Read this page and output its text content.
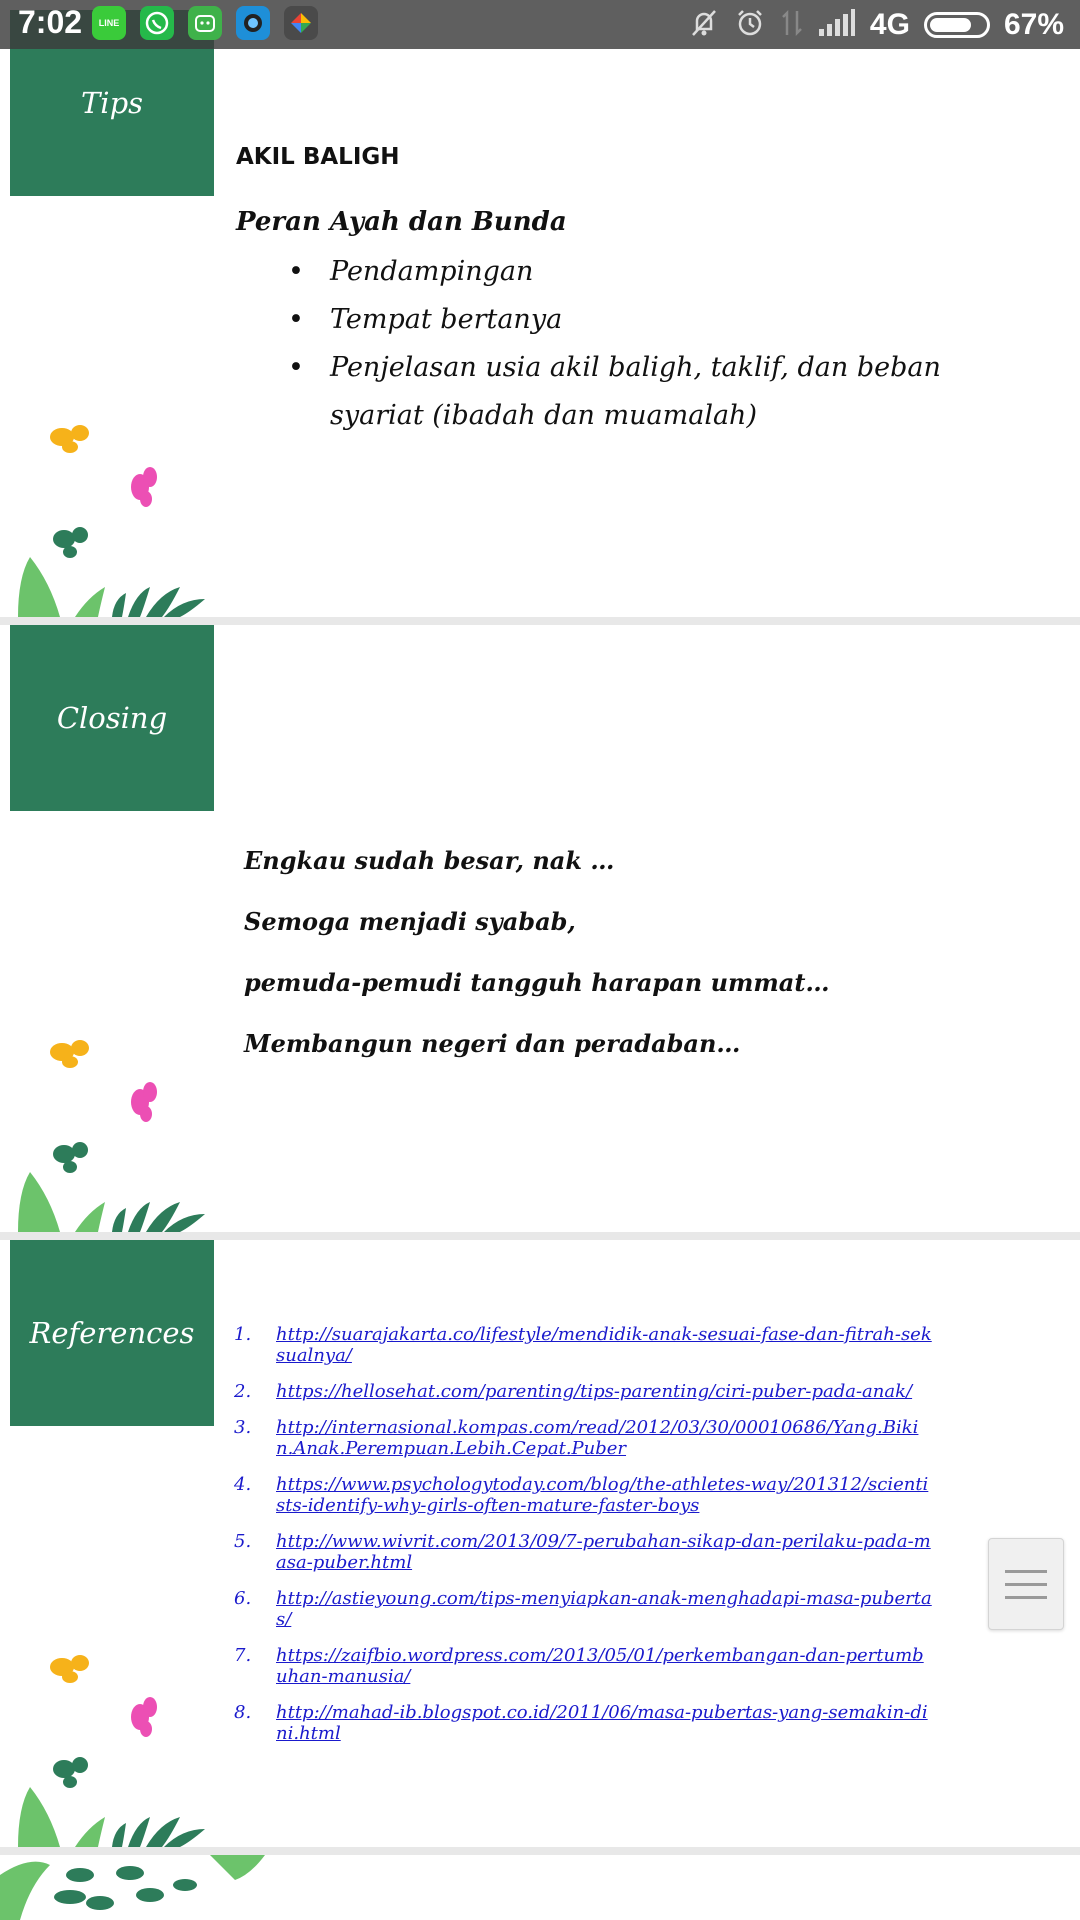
7:02	LINE	4G	67%
Tips
AKIL BALIGH
Peran Ayah dan Bunda
• Pendampingan
• Tempat bertanya
• Penjelasan usia akil baligh, taklif, dan beban syariat (ibadah dan muamalah)
Closing

Engkau sudah besar, nak …

Semoga menjadi syabab,

pemuda-pemudi tangguh harapan ummat…

Membangun negeri dan peradaban…

References 1. http://suarajakarta.co/lifestyle/mendidik-anak-sesuai-fase-dan-fitrah-seksualnya/
2. https://hellosehat.com/parenting/tips-parenting/ciri-puber-pada-anak/
3. http://internasional.kompas.com/read/2012/03/30/00010686/Yang.Bikin.Anak.Perempuan.Lebih.Cepat.Puber
4. https://www.psychologytoday.com/blog/the-athletes-way/201312/scientists-identify-why-girls-often-mature-faster-boys
5. http://www.wivrit.com/2013/09/7-perubahan-sikap-dan-perilaku-pada-masa-puber.html
6. http://astieyoung.com/tips-menyiapkan-anak-menghadapi-masa-pubertas/
7. https://zaifbio.wordpress.com/2013/05/01/perkembangan-dan-pertumbuhan-manusia/
8. http://mahad-ib.blogspot.co.id/2011/06/masa-pubertas-yang-semakin-dini.html
